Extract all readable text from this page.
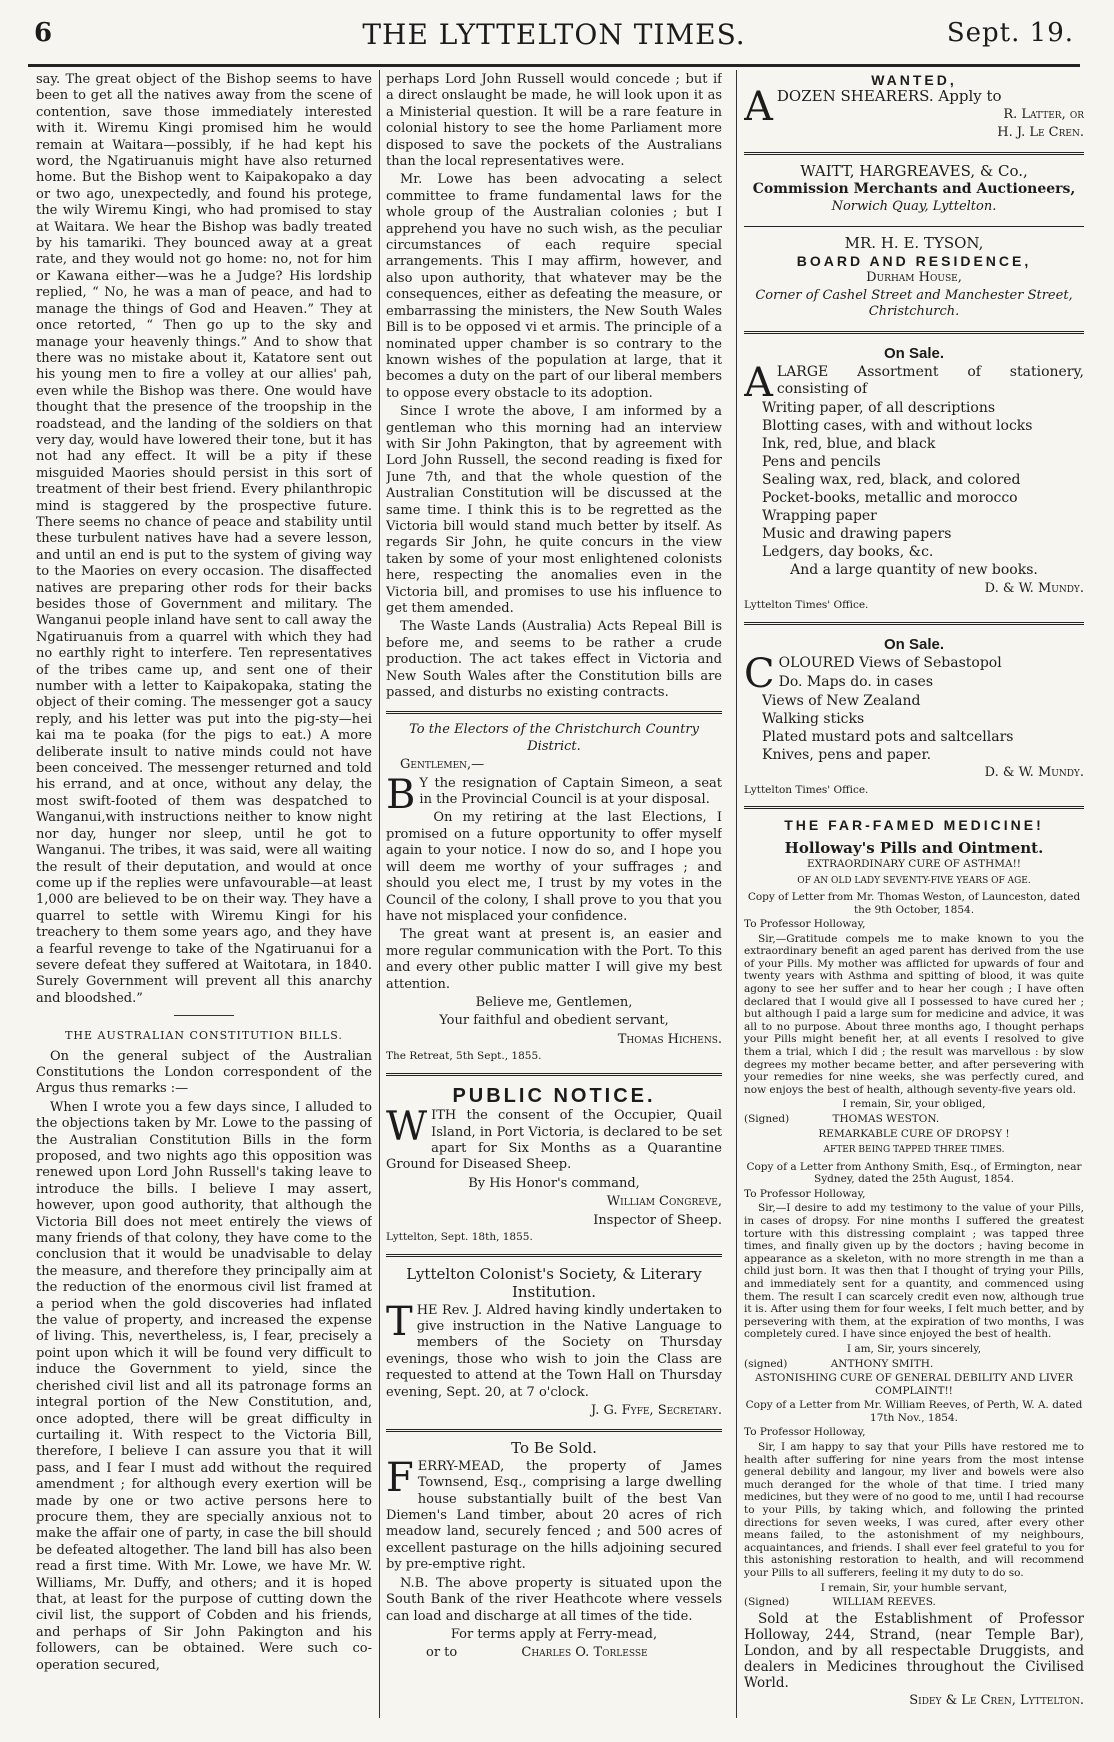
6	THE LYTTELTON TIMES.	Sept. 19.

say. The great object of the Bishop seems to have been to get all the natives away from the scene of contention, save those immediately interested with it. Wiremu Kingi promised him he would remain at Waitara—possibly, if he had kept his word, the Ngatiruanuis might have also returned home. But the Bishop went to Kaipakopako a day or two ago, unexpectedly, and found his protege, the wily Wiremu Kingi, who had promised to stay at Waitara. We hear the Bishop was badly treated by his tamariki. They bounced away at a great rate, and they would not go home: no, not for him or Kawana either—was he a Judge? His lordship replied, “ No, he was a man of peace, and had to manage the things of God and Heaven.” They at once retorted, “ Then go up to the sky and manage your heavenly things.” And to show that there was no mistake about it, Katatore sent out his young men to fire a volley at our allies' pah, even while the Bishop was there. One would have thought that the presence of the troopship in the roadstead, and the landing of the soldiers on that very day, would have lowered their tone, but it has not had any effect. It will be a pity if these misguided Maories should persist in this sort of treatment of their best friend. Every philanthropic mind is staggered by the prospective future. There seems no chance of peace and stability until these turbulent natives have had a severe lesson, and until an end is put to the system of giving way to the Maories on every occasion. The disaffected natives are preparing other rods for their backs besides those of Government and military. The Wanganui people inland have sent to call away the Ngatiruanuis from a quarrel with which they had no earthly right to interfere. Ten representatives of the tribes came up, and sent one of their number with a letter to Kaipakopaka, stating the object of their coming. The messenger got a saucy reply, and his letter was put into the pig-sty—hei kai ma te poaka (for the pigs to eat.) A more deliberate insult to native minds could not have been conceived. The messenger returned and told his errand, and at once, without any delay, the most swift-footed of them was despatched to Wanganui,with instructions neither to know night nor day, hunger nor sleep, until he got to Wanganui. The tribes, it was said, were all waiting the result of their deputation, and would at once come up if the replies were unfavourable—at least 1,000 are believed to be on their way. They have a quarrel to settle with Wiremu Kingi for his treachery to them some years ago, and they have a fearful revenge to take of the Ngatiruanui for a severe defeat they suffered at Waitotara, in 1840. Surely Government will prevent all this anarchy and bloodshed.”

THE AUSTRALIAN CONSTITUTION BILLS.

On the general subject of the Australian Constitutions the London correspondent of the Argus thus remarks :—

When I wrote you a few days since, I alluded to the objections taken by Mr. Lowe to the passing of the Australian Constitution Bills in the form proposed, and two nights ago this opposition was renewed upon Lord John Russell's taking leave to introduce the bills. I believe I may assert, however, upon good authority, that although the Victoria Bill does not meet entirely the views of many friends of that colony, they have come to the conclusion that it would be unadvisable to delay the measure, and therefore they principally aim at the reduction of the enormous civil list framed at a period when the gold discoveries had inflated the value of property, and increased the expense of living. This, nevertheless, is, I fear, precisely a point upon which it will be found very difficult to induce the Government to yield, since the cherished civil list and all its patronage forms an integral portion of the New Constitution, and, once adopted, there will be great difficulty in curtailing it. With respect to the Victoria Bill, therefore, I believe I can assure you that it will pass, and I fear I must add without the required amendment ; for although every exertion will be made by one or two active persons here to procure them, they are specially anxious not to make the affair one of party, in case the bill should be defeated altogether. The land bill has also been read a first time. With Mr. Lowe, we have Mr. W. Williams, Mr. Duffy, and others; and it is hoped that, at least for the purpose of cutting down the civil list, the support of Cobden and his friends, and perhaps of Sir John Pakington and his followers, can be obtained. Were such co-operation secured,

perhaps Lord John Russell would concede ; but if a direct onslaught be made, he will look upon it as a Ministerial question. It will be a rare feature in colonial history to see the home Parliament more disposed to save the pockets of the Australians than the local representatives were.

Mr. Lowe has been advocating a select committee to frame fundamental laws for the whole group of the Australian colonies ; but I apprehend you have no such wish, as the peculiar circumstances of each require special arrangements. This I may affirm, however, and also upon authority, that whatever may be the consequences, either as defeating the measure, or embarrassing the ministers, the New South Wales Bill is to be opposed vi et armis. The principle of a nominated upper chamber is so contrary to the known wishes of the population at large, that it becomes a duty on the part of our liberal members to oppose every obstacle to its adoption.

Since I wrote the above, I am informed by a gentleman who this morning had an interview with Sir John Pakington, that by agreement with Lord John Russell, the second reading is fixed for June 7th, and that the whole question of the Australian Constitution will be discussed at the same time. I think this is to be regretted as the Victoria bill would stand much better by itself. As regards Sir John, he quite concurs in the view taken by some of your most enlightened colonists here, respecting the anomalies even in the Victoria bill, and promises to use his influence to get them amended.

The Waste Lands (Australia) Acts Repeal Bill is before me, and seems to be rather a crude production. The act takes effect in Victoria and New South Wales after the Constitution bills are passed, and disturbs no existing contracts.

To the Electors of the Christchurch Country District.

Gentlemen,—

B Y the resignation of Captain Simeon, a seat in the Provincial Council is at your disposal.

On my retiring at the last Elections, I promised on a future opportunity to offer myself again to your notice. I now do so, and I hope you will deem me worthy of your suffrages ; and should you elect me, I trust by my votes in the Council of the colony, I shall prove to you that you have not misplaced your confidence.

The great want at present is, an easier and more regular communication with the Port. To this and every other public matter I will give my best attention.

Believe me, Gentlemen,

Your faithful and obedient servant,

Thomas Hichens.

The Retreat, 5th Sept., 1855.

PUBLIC NOTICE.

WITH the consent of the Occupier, Quail Island, in Port Victoria, is declared to be set apart for Six Months as a Quarantine Ground for Diseased Sheep.

By His Honor's command,

William Congreve,

Inspector of Sheep.

Lyttelton, Sept. 18th, 1855.

Lyttelton Colonist's Society, & Literary Institution.

THE Rev. J. Aldred having kindly undertaken to give instruction in the Native Language to members of the Society on Thursday evenings, those who wish to join the Class are requested to attend at the Town Hall on Thursday evening, Sept. 20, at 7 o'clock.

J. G. Fyfe, Secretary.

To Be Sold.

FERRY-MEAD, the property of James Townsend, Esq., comprising a large dwelling house substantially built of the best Van Diemen's Land timber, about 20 acres of rich meadow land, securely fenced ; and 500 acres of excellent pasturage on the hills adjoining secured by pre-emptive right.

N.B. The above property is situated upon the South Bank of the river Heathcote where vessels can load and discharge at all times of the tide.

For terms apply at Ferry-mead,

or to	Charles O. Torlesse

WANTED,

ADOZEN SHEARERS. Apply to

R. Latter, or

H. J. Le Cren.

WAITT, HARGREAVES, & Co.,

Commission Merchants and Auctioneers,

Norwich Quay, Lyttelton.

MR. H. E. TYSON,

BOARD AND RESIDENCE,

Durham House,

Corner of Cashel Street and Manchester Street, Christchurch.

On Sale.

ALARGE Assortment of stationery, consisting of

Writing paper, of all descriptions

Blotting cases, with and without locks

Ink, red, blue, and black

Pens and pencils

Sealing wax, red, black, and colored

Pocket-books, metallic and morocco

Wrapping paper

Music and drawing papers

Ledgers, day books, &c.

And a large quantity of new books.

D. & W. Mundy.

Lyttelton Times' Office.

On Sale.

COLOURED Views of Sebastopol

Do. Maps do. in cases

Views of New Zealand

Walking sticks

Plated mustard pots and saltcellars

Knives, pens and paper.

D. & W. Mundy.

Lyttelton Times' Office.

THE FAR-FAMED MEDICINE!

Holloway's Pills and Ointment.

EXTRAORDINARY CURE OF ASTHMA!!

OF AN OLD LADY SEVENTY-FIVE YEARS OF AGE.

Copy of Letter from Mr. Thomas Weston, of Launceston, dated the 9th October, 1854.

To Professor Holloway,

Sir,—Gratitude compels me to make known to you the extraordinary benefit an aged parent has derived from the use of your Pills. My mother was afflicted for upwards of four and twenty years with Asthma and spitting of blood, it was quite agony to see her suffer and to hear her cough ; I have often declared that I would give all I possessed to have cured her ; but although I paid a large sum for medicine and advice, it was all to no purpose. About three months ago, I thought perhaps your Pills might benefit her, at all events I resolved to give them a trial, which I did ; the result was marvellous : by slow degrees my mother became better, and after persevering with your remedies for nine weeks, she was perfectly cured, and now enjoys the best of health, although seventy-five years old.

I remain, Sir, your obliged,

(Signed)	THOMAS WESTON.

REMARKABLE CURE OF DROPSY !

AFTER BEING TAPPED THREE TIMES.

Copy of a Letter from Anthony Smith, Esq., of Ermington, near Sydney, dated the 25th August, 1854.

To Professor Holloway,

Sir,—I desire to add my testimony to the value of your Pills, in cases of dropsy. For nine months I suffered the greatest torture with this distressing complaint ; was tapped three times, and finally given up by the doctors ; having become in appearance as a skeleton, with no more strength in me than a child just born. It was then that I thought of trying your Pills, and immediately sent for a quantity, and commenced using them. The result I can scarcely credit even now, although true it is. After using them for four weeks, I felt much better, and by persevering with them, at the expiration of two months, I was completely cured. I have since enjoyed the best of health.

I am, Sir, yours sincerely,

(signed)	ANTHONY SMITH.

ASTONISHING CURE OF GENERAL DEBILITY AND LIVER COMPLAINT!!

Copy of a Letter from Mr. William Reeves, of Perth, W. A. dated 17th Nov., 1854.

To Professor Holloway,

Sir, I am happy to say that your Pills have restored me to health after suffering for nine years from the most intense general debility and langour, my liver and bowels were also much deranged for the whole of that time. I tried many medicines, but they were of no good to me, until I had recourse to your Pills, by taking which, and following the printed directions for seven weeks, I was cured, after every other means failed, to the astonishment of my neighbours, acquaintances, and friends. I shall ever feel grateful to you for this astonishing restoration to health, and will recommend your Pills to all sufferers, feeling it my duty to do so.

I remain, Sir, your humble servant,

(Signed)	WILLIAM REEVES.

Sold at the Establishment of Professor Holloway, 244, Strand, (near Temple Bar), London, and by all respectable Druggists, and dealers in Medicines throughout the Civilised World.

Sidey & Le Cren, Lyttelton.
